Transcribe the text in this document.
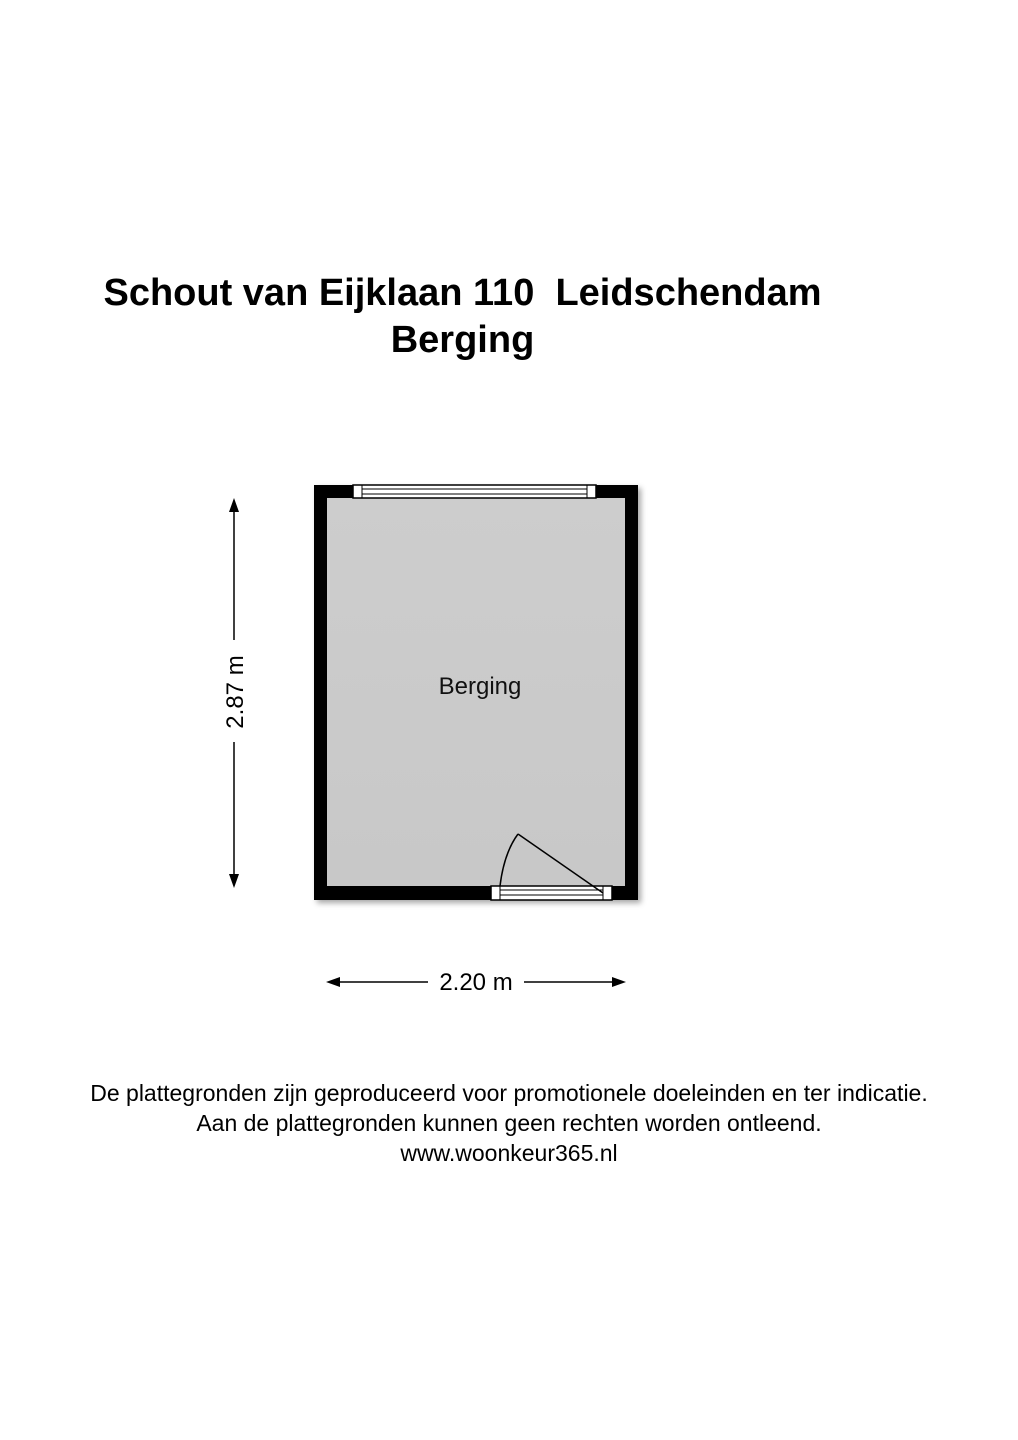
Schout van Eijklaan 110  Leidschendam
Berging
Berging
2.87 m
2.20 m
De plattegronden zijn geproduceerd voor promotionele doeleinden en ter indicatie.
Aan de plattegronden kunnen geen rechten worden ontleend.
www.woonkeur365.nl
